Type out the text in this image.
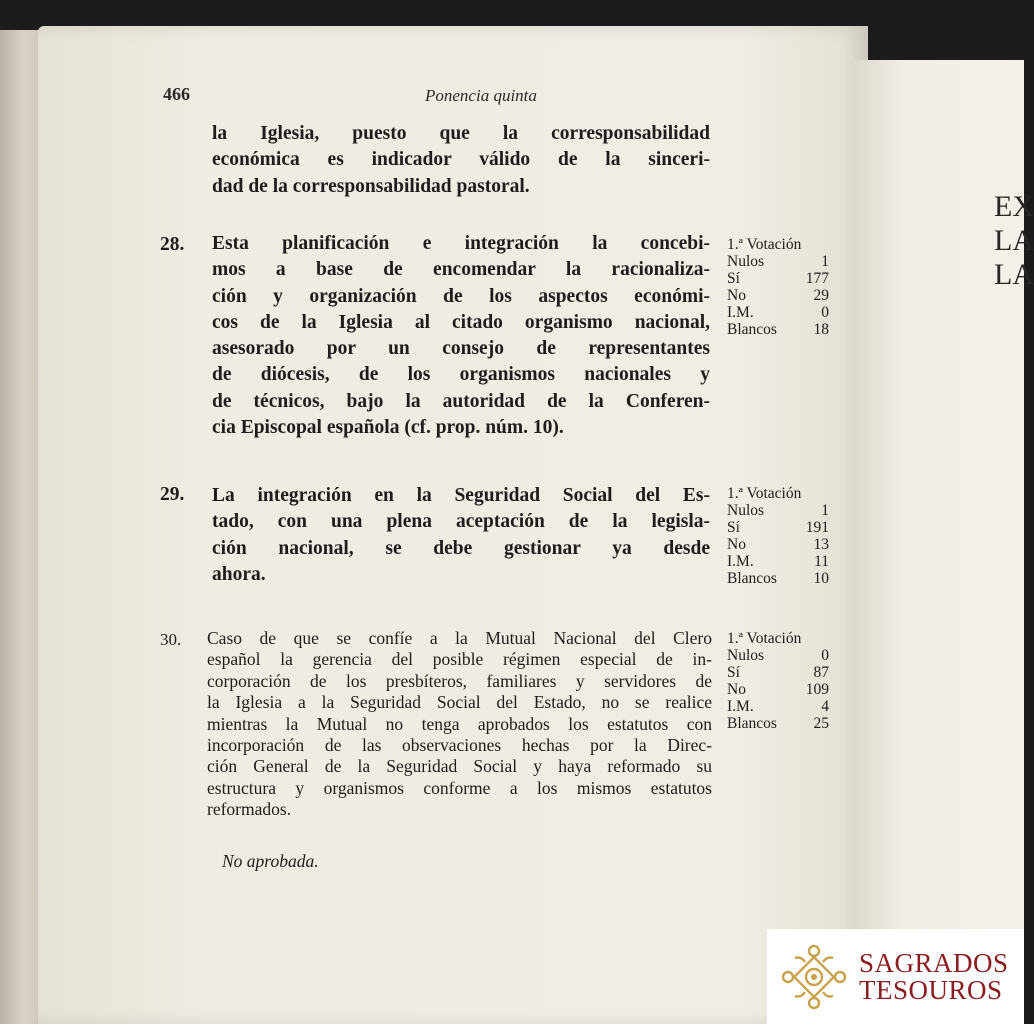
EX
LA
LA
466	Ponencia quinta
la Iglesia, puesto que la corresponsabilidad
económica es indicador válido de la sinceri-
dad de la corresponsabilidad pastoral.
28. Esta planificación e integración la concebi-
mos a base de encomendar la racionaliza-
ción y organización de los aspectos económi-
cos de la Iglesia al citado organismo nacional,
asesorado por un consejo de representantes
de diócesis, de los organismos nacionales y
de técnicos, bajo la autoridad de la Conferen-
cia Episcopal española (cf. prop. núm. 10).
1.ª Votación
Nulos	1
Sí	177
No	29
I.M.	0
Blancos 18
29. La integración en la Seguridad Social del Es-
tado, con una plena aceptación de la legisla-
ción nacional, se debe gestionar ya desde
ahora.
1.ª Votación
Nulos	1
Sí	191
No	13
I.M.	11
Blancos 10
30. Caso de que se confíe a la Mutual Nacional del Clero
español la gerencia del posible régimen especial de in-
corporación de los presbíteros, familiares y servidores de
la Iglesia a la Seguridad Social del Estado, no se realice
mientras la Mutual no tenga aprobados los estatutos con
incorporación de las observaciones hechas por la Direc-
ción General de la Seguridad Social y haya reformado su
estructura y organismos conforme a los mismos estatutos
reformados.
No aprobada.
1.ª Votación
Nulos	0
Sí	87
No	109
I.M.	4
Blancos 25
SAGRADOS
TESOUROS
